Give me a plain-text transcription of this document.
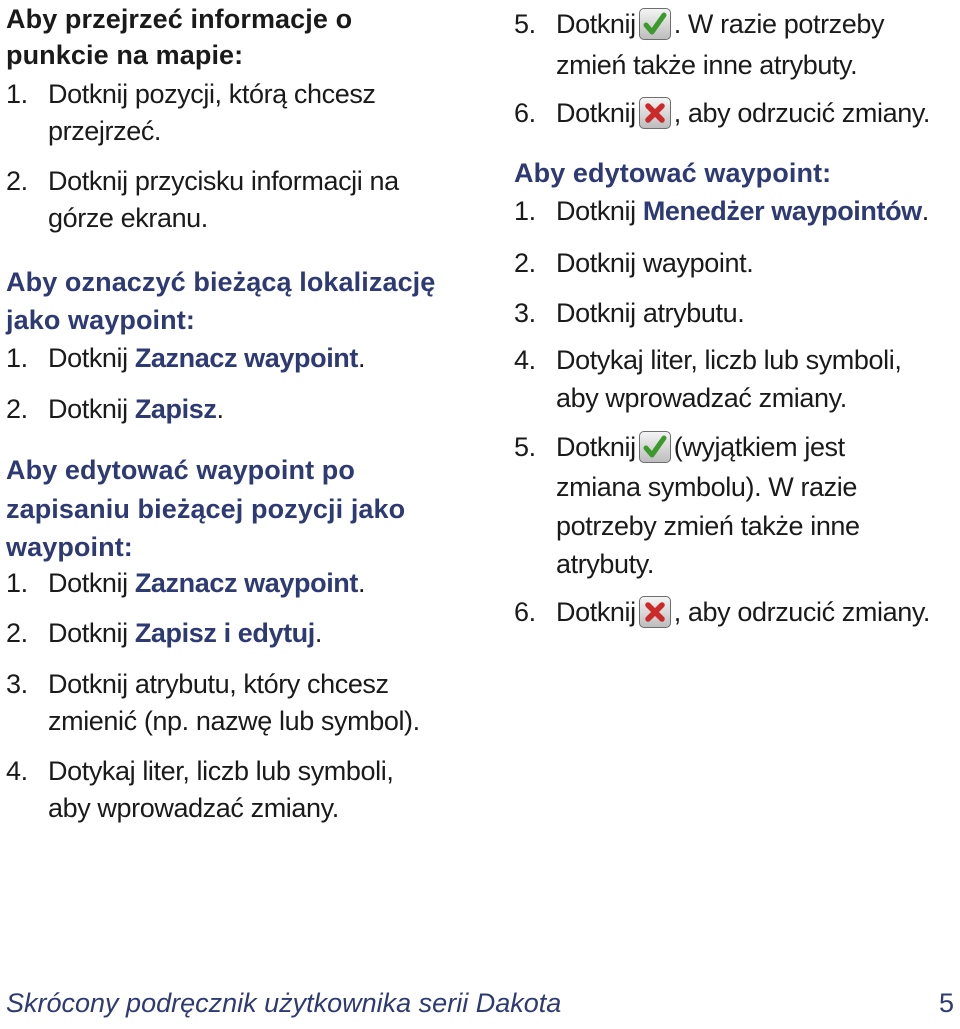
Aby przejrzeć informacje o
punkcie na mapie:
1. Dotknij pozycji, którą chcesz
przejrzeć.
2. Dotknij przycisku informacji na
górze ekranu.
Aby oznaczyć bieżącą lokalizację
jako waypoint:
1. Dotknij Zaznacz waypoint.
2. Dotknij Zapisz.
Aby edytować waypoint po
zapisaniu bieżącej pozycji jako
waypoint:
1. Dotknij Zaznacz waypoint.
2. Dotknij Zapisz i edytuj.
3. Dotknij atrybutu, który chcesz
zmienić (np. nazwę lub symbol).
4. Dotykaj liter, liczb lub symboli,
aby wprowadzać zmiany.
5. Dotknij . W razie potrzeby
zmień także inne atrybuty.
6. Dotknij , aby odrzucić zmiany.
Aby edytować waypoint:
1. Dotknij Menedżer waypointów.
2. Dotknij waypoint.
3. Dotknij atrybutu.
4. Dotykaj liter, liczb lub symboli,
aby wprowadzać zmiany.
5. Dotknij (wyjątkiem jest
zmiana symbolu). W razie
potrzeby zmień także inne
atrybuty.
6. Dotknij , aby odrzucić zmiany.
Skrócony podręcznik użytkownika serii Dakota	5
